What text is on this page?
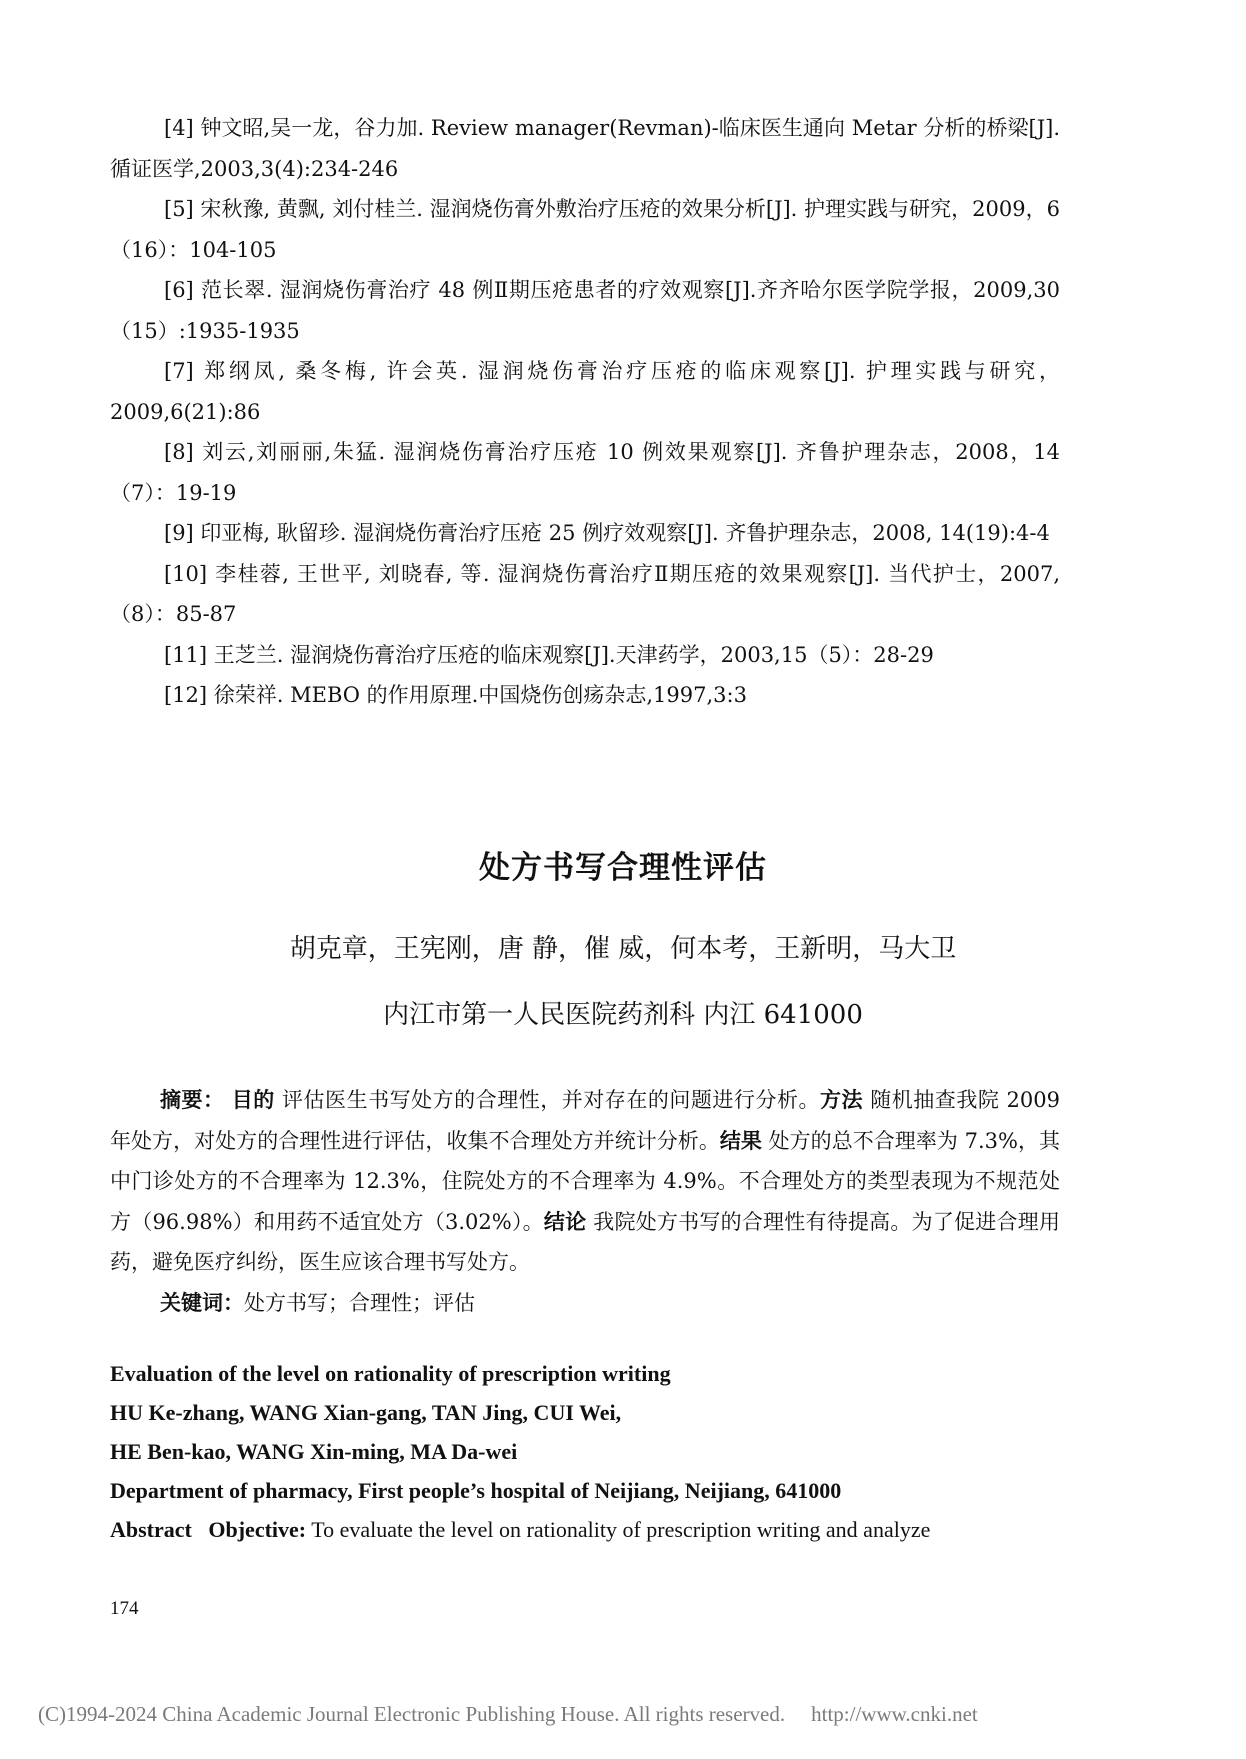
[4] 钟文昭,吴一龙，谷力加. Review manager(Revman)-临床医生通向 Metar 分析的桥梁[J]. 循证医学,2003,3(4):234-246

[5] 宋秋豫, 黄飘, 刘付桂兰. 湿润烧伤膏外敷治疗压疮的效果分析[J]. 护理实践与研究，2009，6（16）：104-105

[6] 范长翠. 湿润烧伤膏治疗 48 例Ⅱ期压疮患者的疗效观察[J].齐齐哈尔医学院学报，2009,30（15）:1935-1935

[7] 郑纲凤, 桑冬梅, 许会英. 湿润烧伤膏治疗压疮的临床观察[J]. 护理实践与研究，2009,6(21):86

[8] 刘云,刘丽丽,朱猛. 湿润烧伤膏治疗压疮 10 例效果观察[J]. 齐鲁护理杂志，2008，14（7）：19-19

[9] 印亚梅, 耿留珍. 湿润烧伤膏治疗压疮 25 例疗效观察[J]. 齐鲁护理杂志，2008, 14(19):4-4

[10] 李桂蓉, 王世平, 刘晓春, 等. 湿润烧伤膏治疗Ⅱ期压疮的效果观察[J]. 当代护士，2007,（8）：85-87

[11] 王芝兰. 湿润烧伤膏治疗压疮的临床观察[J].天津药学，2003,15（5）：28-29

[12] 徐荣祥. MEBO 的作用原理.中国烧伤创疡杂志,1997,3:3

处方书写合理性评估
胡克章，王宪刚，唐 静，催 威，何本考，王新明，马大卫
内江市第一人民医院药剂科 内江 641000

摘要： 目的 评估医生书写处方的合理性，并对存在的问题进行分析。方法 随机抽查我院 2009 年处方，对处方的合理性进行评估，收集不合理处方并统计分析。结果 处方的总不合理率为 7.3%，其中门诊处方的不合理率为 12.3%，住院处方的不合理率为 4.9%。不合理处方的类型表现为不规范处方（96.98%）和用药不适宜处方（3.02%）。结论 我院处方书写的合理性有待提高。为了促进合理用药，避免医疗纠纷，医生应该合理书写处方。

关键词：处方书写；合理性；评估

Evaluation of the level on rationality of prescription writing
HU Ke-zhang, WANG Xian-gang, TAN Jing, CUI Wei,
HE Ben-kao, WANG Xin-ming, MA Da-wei
Department of pharmacy, First people’s hospital of Neijiang, Neijiang, 641000
Abstract Objective: To evaluate the level on rationality of prescription writing and analyze
174
(C)1994-2024 China Academic Journal Electronic Publishing House. All rights reserved. http://www.cnki.net
